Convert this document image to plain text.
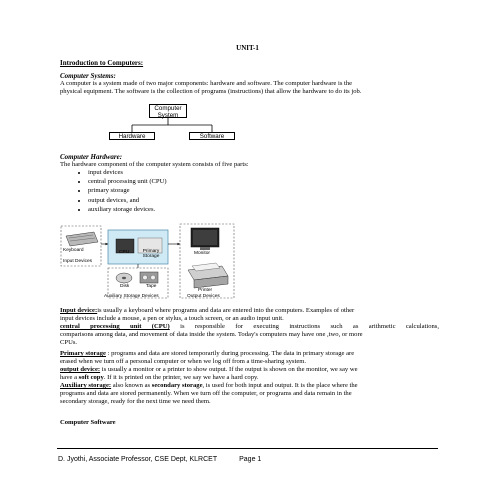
UNIT-1
Introduction to Computers:
Computer Systems:
A computer is a system made of two major components: hardware and software. The computer hardware is the
physical equipment. The software is the collection of programs (instructions) that allow the hardware to do its job.
Computer System
Hardware	Software
Computer Hardware:
The hardware component of the computer system consists of five parts:
• input devices
• central processing unit (CPU)
• primary storage
• output devices, and
• auxiliary storage devices.
Keyboard
Input Devices
CPU	Primary Storage
Disk	Tape
Auxiliary Storage Devices
Monitor
Printer
Output Devices
Input device:is usually a keyboard where programs and data are entered into the computers. Examples of other
input devices include a mouse, a pen or stylus, a touch screen, or an audio input unit.
central processing unit (CPU) is responsible for executing instructions such as arithmetic calculations,
comparisons among data, and movement of data inside the system. Today's computers may have one ,two, or more
CPUs.
Primary storage : programs and data are stored temporarily during processing. The data in primary storage are
erased when we turn off a personal computer or when we log off from a time-sharing system.
output device: is usually a monitor or a printer to show output. If the output is shown on the monitor, we say we
have a soft copy. If it is printed on the printer, we say we have a hard copy.
Auxiliary storage: also known as secondary storage, is used for both input and output. It is the place where the
programs and data are stored permanently. When we turn off the computer, or programs and data remain in the
secondary storage, ready for the next time we need them.
Computer Software
D. Jyothi, Associate Professor, CSE Dept, KLRCET	Page 1
